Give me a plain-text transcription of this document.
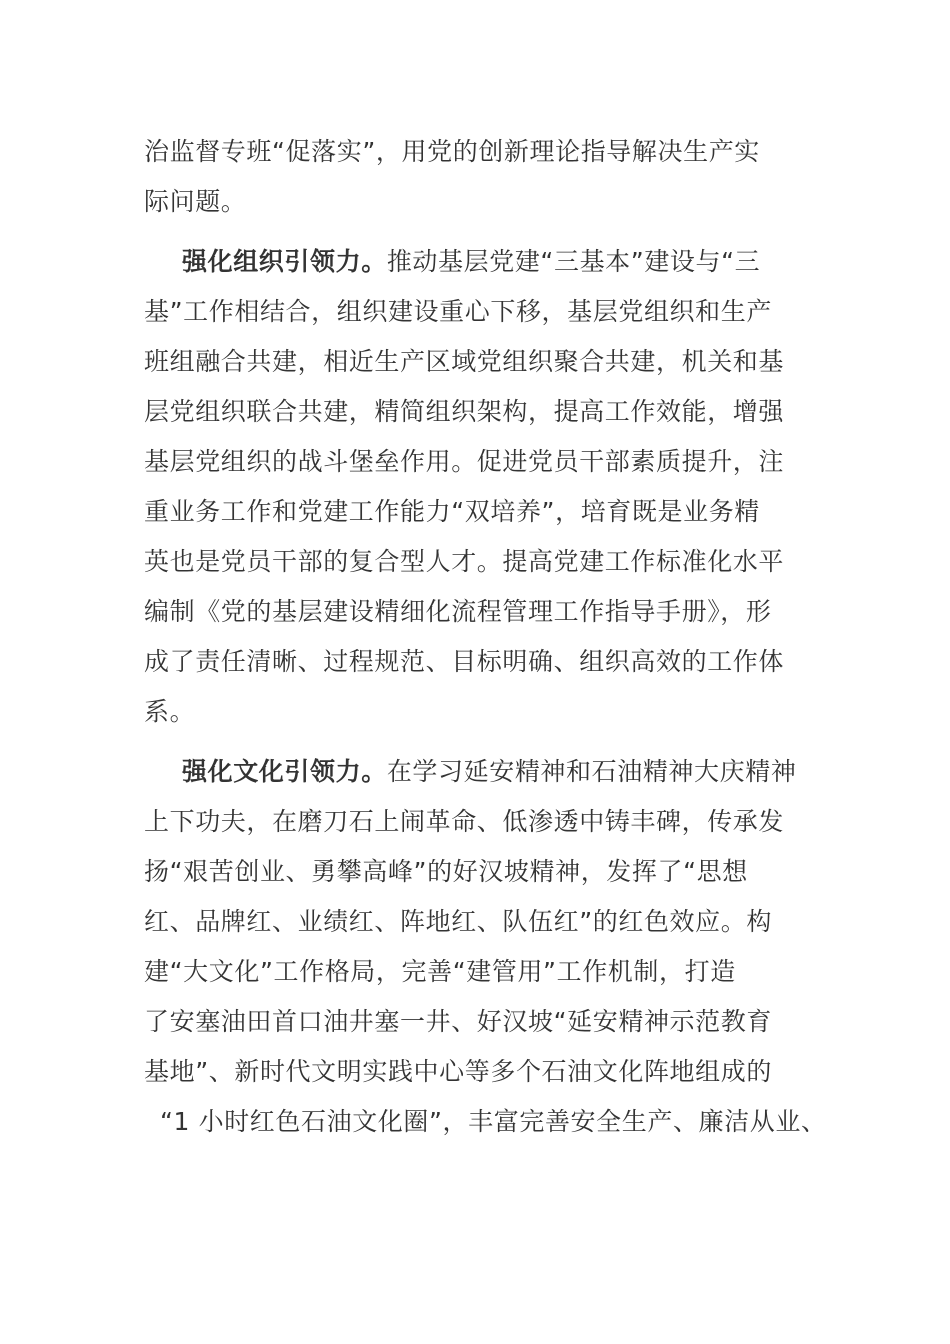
治监督专班“促落实”，用党的创新理论指导解决生产实
际问题。
强化组织引领力。推动基层党建“三基本”建设与“三
基”工作相结合，组织建设重心下移，基层党组织和生产
班组融合共建，相近生产区域党组织聚合共建，机关和基
层党组织联合共建，精简组织架构，提高工作效能，增强
基层党组织的战斗堡垒作用。促进党员干部素质提升，注
重业务工作和党建工作能力“双培养”，培育既是业务精
英也是党员干部的复合型人才。提高党建工作标准化水平
编制《党的基层建设精细化流程管理工作指导手册》，形
成了责任清晰、过程规范、目标明确、组织高效的工作体
系。
强化文化引领力。在学习延安精神和石油精神大庆精神
上下功夫，在磨刀石上闹革命、低渗透中铸丰碑，传承发
扬“艰苦创业、勇攀高峰”的好汉坡精神，发挥了“思想
红、品牌红、业绩红、阵地红、队伍红”的红色效应。构
建“大文化”工作格局，完善“建管用”工作机制，打造
了安塞油田首口油井塞一井、好汉坡“延安精神示范教育
基地”、新时代文明实践中心等多个石油文化阵地组成的
“1 小时红色石油文化圈”，丰富完善安全生产、廉洁从业、
